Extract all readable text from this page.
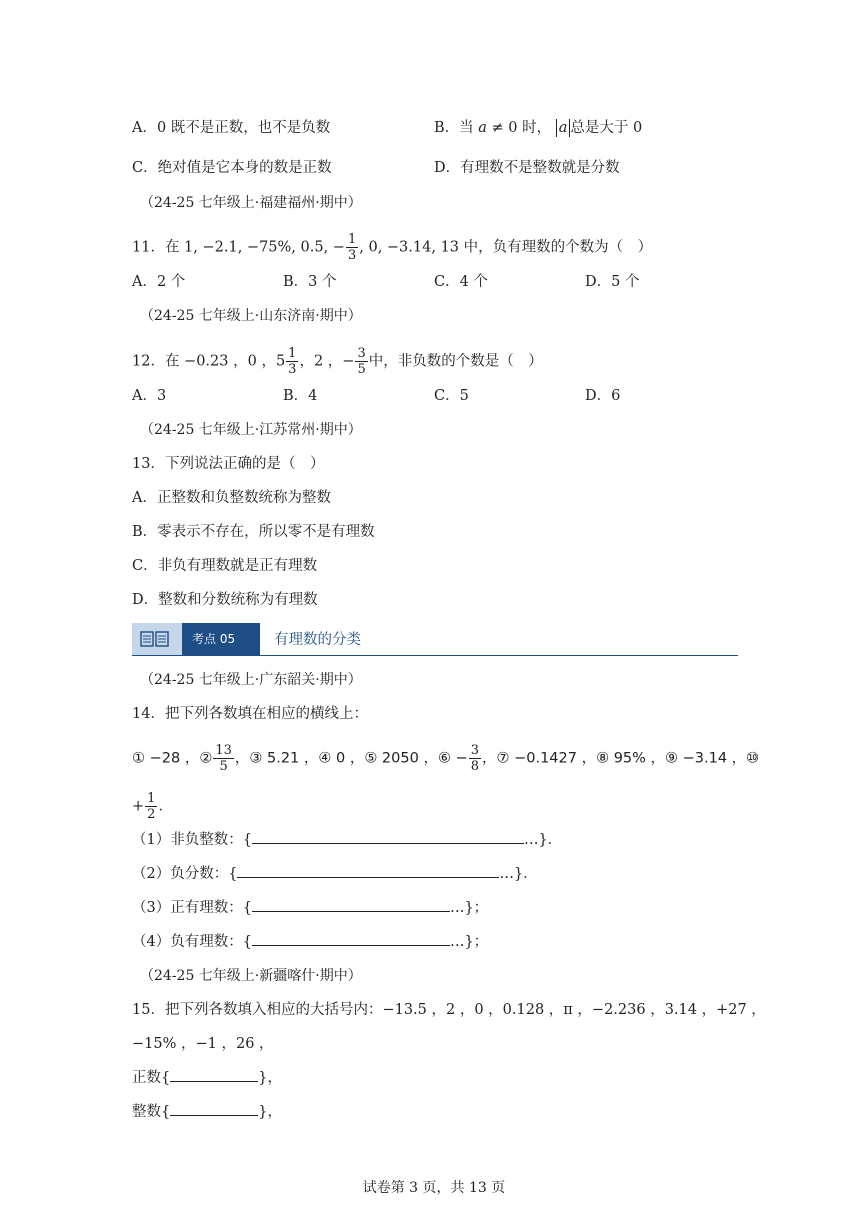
A．0 既不是正数，也不是负数	B．当 a ≠ 0 时， a 总是大于 0
C．绝对值是它本身的数是正数	D．有理数不是整数就是分数
（24-25 七年级上·福建福州·期中）
11．在 1, −2.1, −75%, 0.5, − $\frac{1}{3}$ , 0, −3.14, 13 中，负有理数的个数为（　）
A．2 个	B．3 个	C．4 个	D．5 个
（24-25 七年级上·山东济南·期中）
12．在 −0.23 ，0 ，$5 \frac{1}{3}$ ，2 ，− $\frac{3}{5}$ 中，非负数的个数是（　）
A．3	B．4	C．5	D．6
（24-25 七年级上·江苏常州·期中）
13．下列说法正确的是（　）
A．正整数和负整数统称为整数
B．零表示不存在，所以零不是有理数
C．非负有理数就是正有理数
D．整数和分数统称为有理数
考点 05	有理数的分类
（24-25 七年级上·广东韶关·期中）
14．把下列各数填在相应的横线上：
① −28 ，② $\frac{13}{5}$ ，③ 5.21 ，④ 0 ，⑤ 2050 ，⑥ − $\frac{3}{8}$ ，⑦ −0.1427 ，⑧ 95% ，⑨ −3.14 ，⑩
+ $\frac{1}{2}$ ．
（1）非负整数：{	…}．
（2）负分数：{	…}．
（3）正有理数：{	…}；
（4）负有理数：{	…}；
（24-25 七年级上·新疆喀什·期中）
15．把下列各数填入相应的大括号内：−13.5 ，2 ，0 ，0.128 ，π ，−2.236 ，3.14 ，+27 ，
−15% ，−1 ，26 ，
正数{	}，
整数{	}，
试卷第 3 页，共 13 页
